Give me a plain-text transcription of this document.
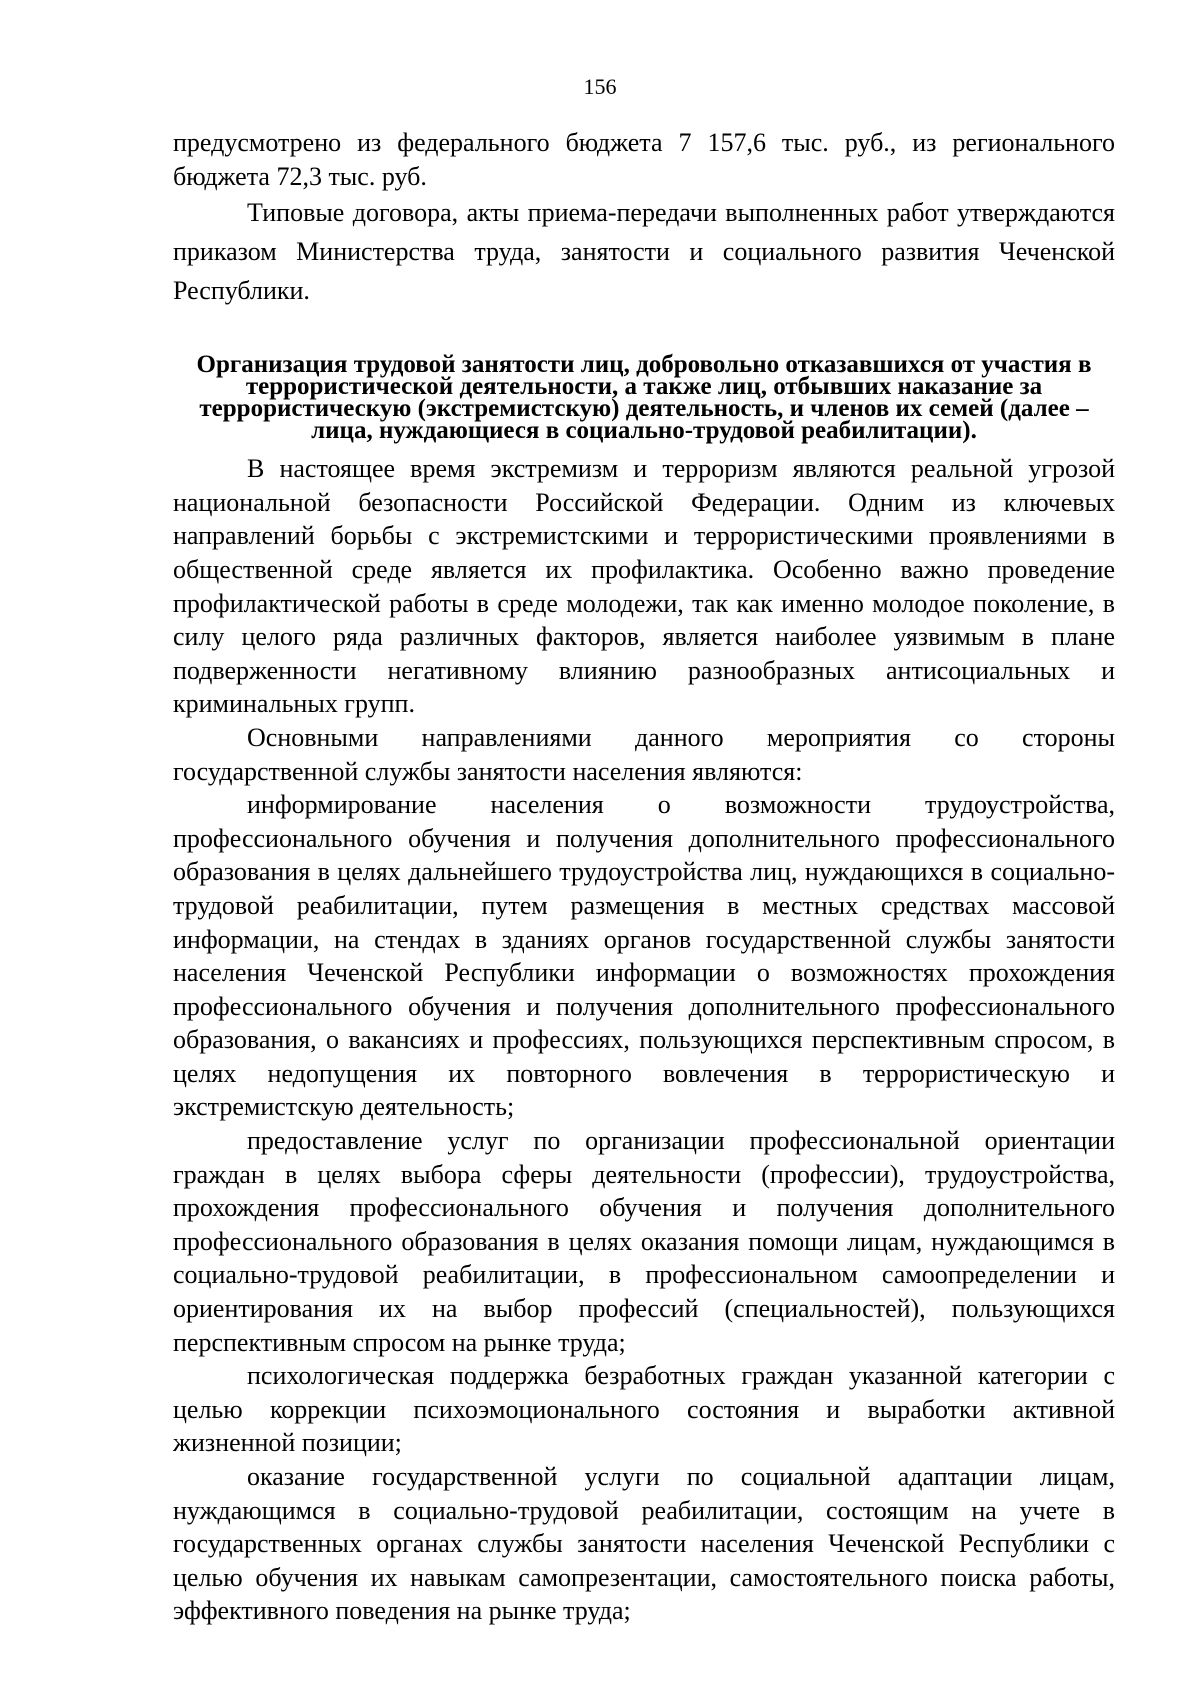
156

предусмотрено из федерального бюджета 7 157,6 тыс. руб., из регионального бюджета 72,3 тыс. руб.

Типовые договора, акты приема-передачи выполненных работ утверждаются приказом Министерства труда, занятости и социального развития Чеченской Республики.

Организация трудовой занятости лиц, добровольно отказавшихся от участия в террористической деятельности, а также лиц, отбывших наказание за террористическую (экстремистскую) деятельность, и членов их семей (далее – лица, нуждающиеся в социально-трудовой реабилитации).

В настоящее время экстремизм и терроризм являются реальной угрозой национальной безопасности Российской Федерации. Одним из ключевых направлений борьбы с экстремистскими и террористическими проявлениями в общественной среде является их профилактика. Особенно важно проведение профилактической работы в среде молодежи, так как именно молодое поколение, в силу целого ряда различных факторов, является наиболее уязвимым в плане подверженности негативному влиянию разнообразных антисоциальных и криминальных групп.

Основными направлениями данного мероприятия со стороны государственной службы занятости населения являются:

информирование населения о возможности трудоустройства, профессионального обучения и получения дополнительного профессионального образования в целях дальнейшего трудоустройства лиц, нуждающихся в социально-трудовой реабилитации, путем размещения в местных средствах массовой информации, на стендах в зданиях органов государственной службы занятости населения Чеченской Республики информации о возможностях прохождения профессионального обучения и получения дополнительного профессионального образования, о вакансиях и профессиях, пользующихся перспективным спросом, в целях недопущения их повторного вовлечения в террористическую и экстремистскую деятельность;

предоставление услуг по организации профессиональной ориентации граждан в целях выбора сферы деятельности (профессии), трудоустройства, прохождения профессионального обучения и получения дополнительного профессионального образования в целях оказания помощи лицам, нуждающимся в социально-трудовой реабилитации, в профессиональном самоопределении и ориентирования их на выбор профессий (специальностей), пользующихся перспективным спросом на рынке труда;

психологическая поддержка безработных граждан указанной категории с целью коррекции психоэмоционального состояния и выработки активной жизненной позиции;

оказание государственной услуги по социальной адаптации лицам, нуждающимся в социально-трудовой реабилитации, состоящим на учете в государственных органах службы занятости населения Чеченской Республики с целью обучения их навыкам самопрезентации, самостоятельного поиска работы, эффективного поведения на рынке труда;
